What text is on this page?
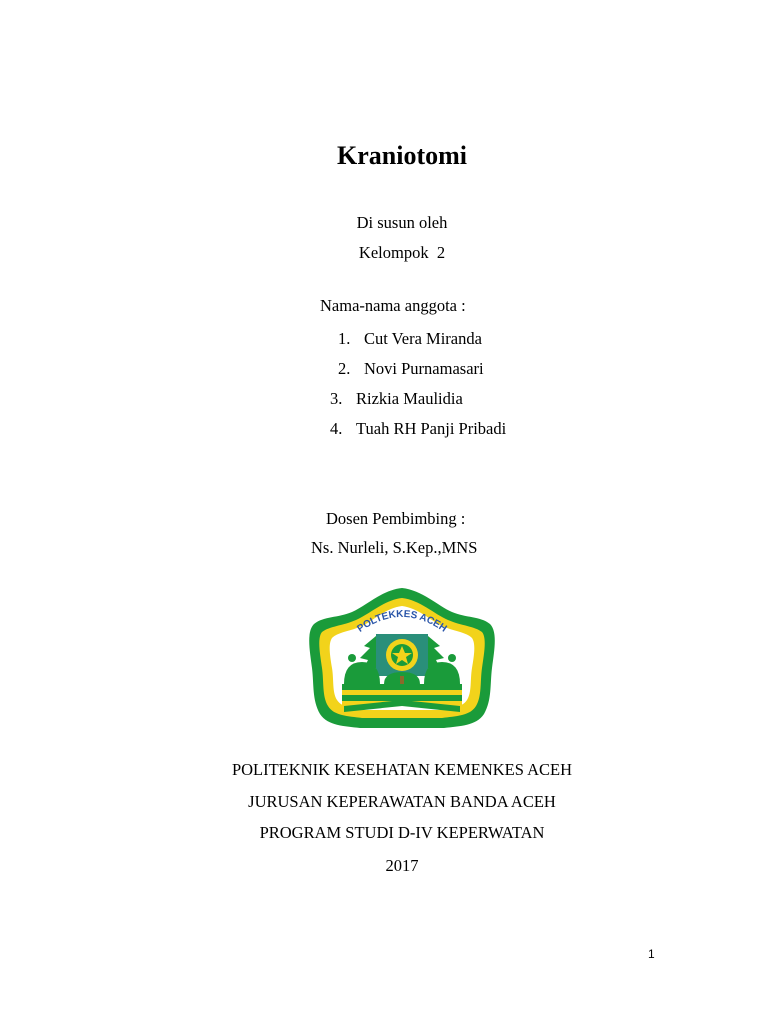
Kraniotomi
Di susun oleh
Kelompok  2
Nama-nama anggota :
1. Cut Vera Miranda
2. Novi Purnamasari
3. Rizkia Maulidia
4. Tuah RH Panji Pribadi
Dosen Pembimbing :
Ns. Nurleli, S.Kep.,MNS
POLTEKKES ACEH
POLITEKNIK KESEHATAN KEMENKES ACEH
JURUSAN KEPERAWATAN BANDA ACEH
PROGRAM STUDI D-IV KEPERWATAN
2017
1
